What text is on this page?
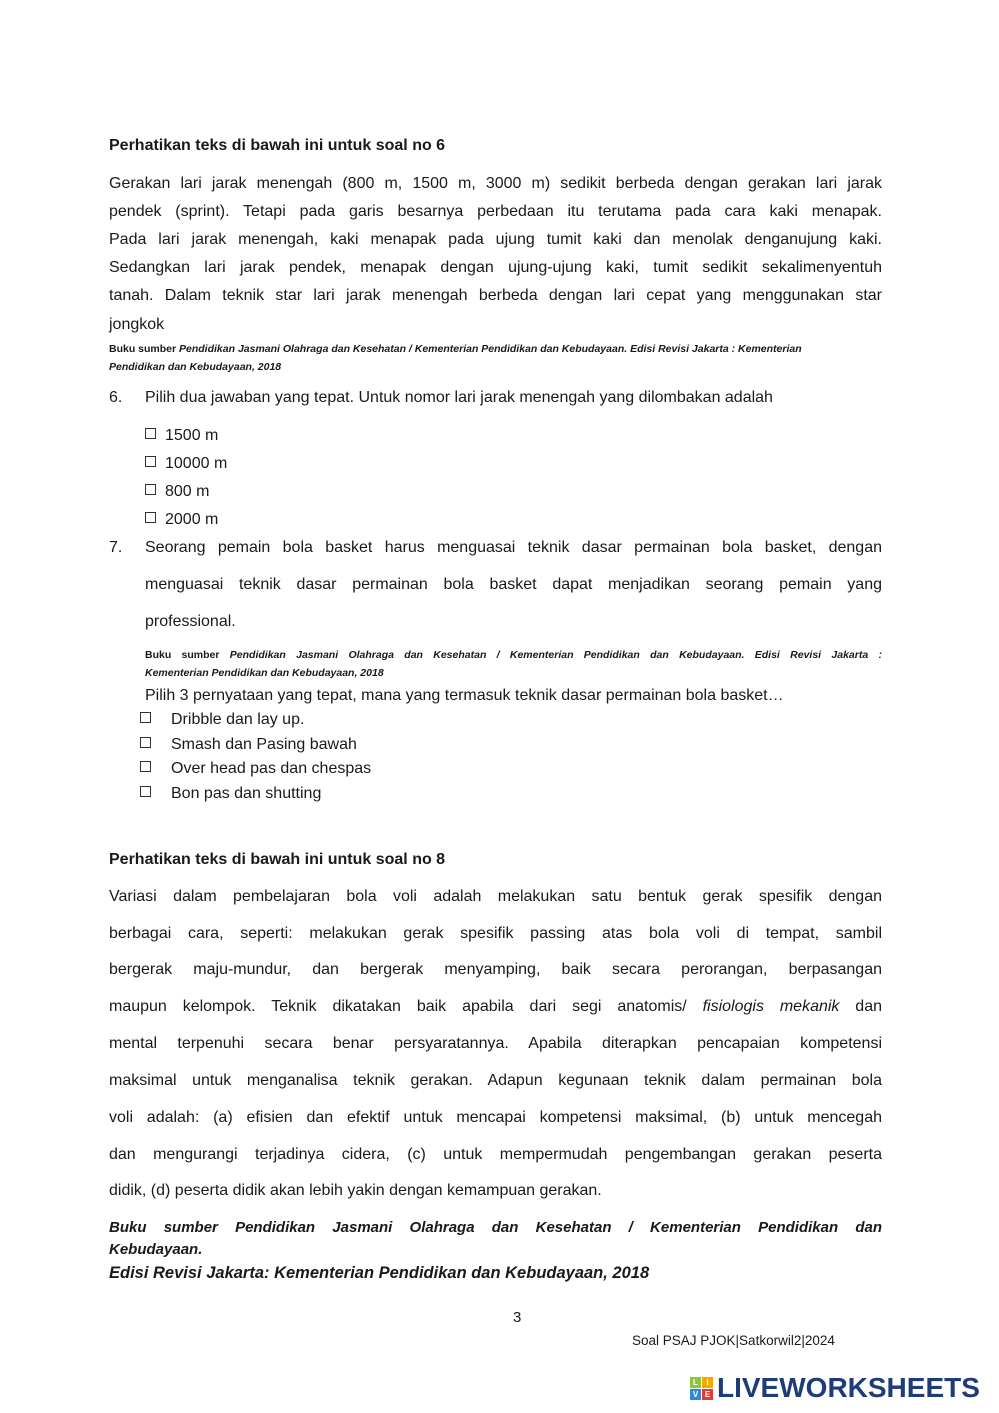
Perhatikan teks di bawah ini untuk soal no 6
Gerakan lari jarak menengah (800 m, 1500 m, 3000 m) sedikit berbeda dengan gerakan lari jarak
pendek (sprint). Tetapi pada garis besarnya perbedaan itu terutama pada cara kaki menapak.
Pada lari jarak menengah, kaki menapak pada ujung tumit kaki dan menolak denganujung kaki.
Sedangkan lari jarak pendek, menapak dengan ujung-ujung kaki, tumit sedikit sekalimenyentuh
tanah. Dalam teknik star lari jarak menengah berbeda dengan lari cepat yang menggunakan star
jongkok
Buku sumber Pendidikan Jasmani Olahraga dan Kesehatan / Kementerian Pendidikan dan Kebudayaan. Edisi Revisi Jakarta : Kementerian
Pendidikan dan Kebudayaan, 2018
6. Pilih dua jawaban yang tepat. Untuk nomor lari jarak menengah yang dilombakan adalah
1500 m
10000 m
800 m
2000 m
7. Seorang pemain bola basket harus menguasai teknik dasar permainan bola basket, dengan
menguasai teknik dasar permainan bola basket dapat menjadikan seorang pemain yang
professional.
Buku sumber Pendidikan Jasmani Olahraga dan Kesehatan / Kementerian Pendidikan dan Kebudayaan. Edisi Revisi Jakarta :
Kementerian Pendidikan dan Kebudayaan, 2018
Pilih 3 pernyataan yang tepat, mana yang termasuk teknik dasar permainan bola basket…
Dribble dan lay up.
Smash dan Pasing bawah
Over head pas dan chespas
Bon pas dan shutting
Perhatikan teks di bawah ini untuk soal no 8
Variasi dalam pembelajaran bola voli adalah melakukan satu bentuk gerak spesifik dengan
berbagai cara, seperti: melakukan gerak spesifik passing atas bola voli di tempat, sambil
bergerak maju-mundur, dan bergerak menyamping, baik secara perorangan, berpasangan
maupun kelompok. Teknik dikatakan baik apabila dari segi anatomis/ fisiologis mekanik dan
mental terpenuhi secara benar persyaratannya. Apabila diterapkan pencapaian kompetensi
maksimal untuk menganalisa teknik gerakan. Adapun kegunaan teknik dalam permainan bola
voli adalah: (a) efisien dan efektif untuk mencapai kompetensi maksimal, (b) untuk mencegah
dan mengurangi terjadinya cidera, (c) untuk mempermudah pengembangan gerakan peserta
didik, (d) peserta didik akan lebih yakin dengan kemampuan gerakan.
Buku sumber Pendidikan Jasmani Olahraga dan Kesehatan / Kementerian Pendidikan dan
Kebudayaan.
Edisi Revisi Jakarta: Kementerian Pendidikan dan Kebudayaan, 2018
3
Soal PSAJ PJOK|Satkorwil2|2024
L	I
V E LIVEWORKSHEETS
